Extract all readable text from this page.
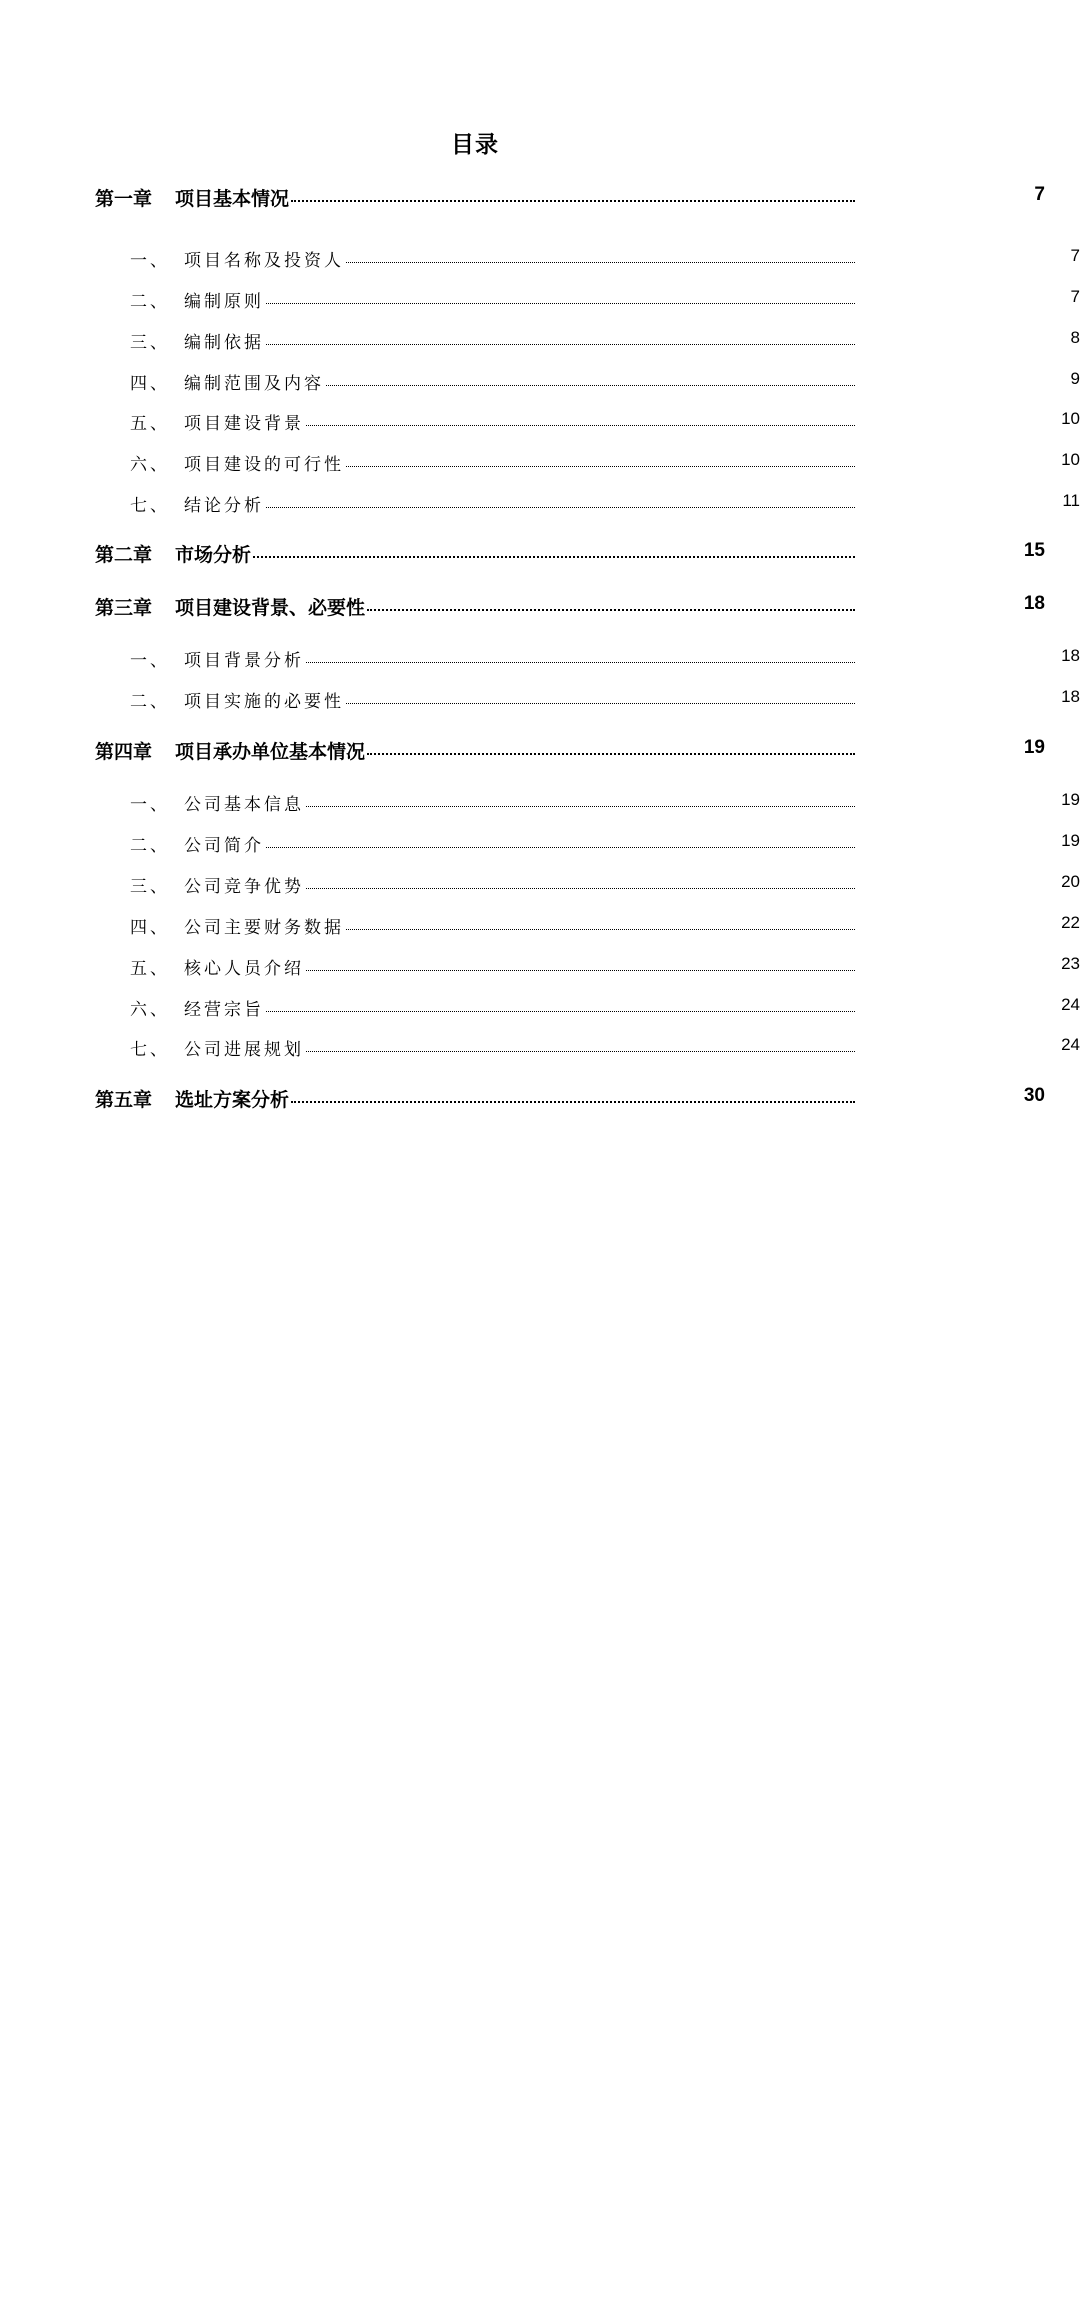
目录
第一章	项目基本情况	7
一、 项目名称及投资人	7
二、 编制原则	7
三、 编制依据	8
四、 编制范围及内容	9
五、 项目建设背景	10
六、 项目建设的可行性	10
七、 结论分析	11
第二章	市场分析	15
第三章	项目建设背景、必要性	18
一、 项目背景分析	18
二、 项目实施的必要性	18
第四章	项目承办单位基本情况	19
一、 公司基本信息	19
二、 公司简介	19
三、 公司竞争优势	20
四、 公司主要财务数据	22
五、 核心人员介绍	23
六、 经营宗旨	24
七、 公司进展规划	24
第五章	选址方案分析	30
